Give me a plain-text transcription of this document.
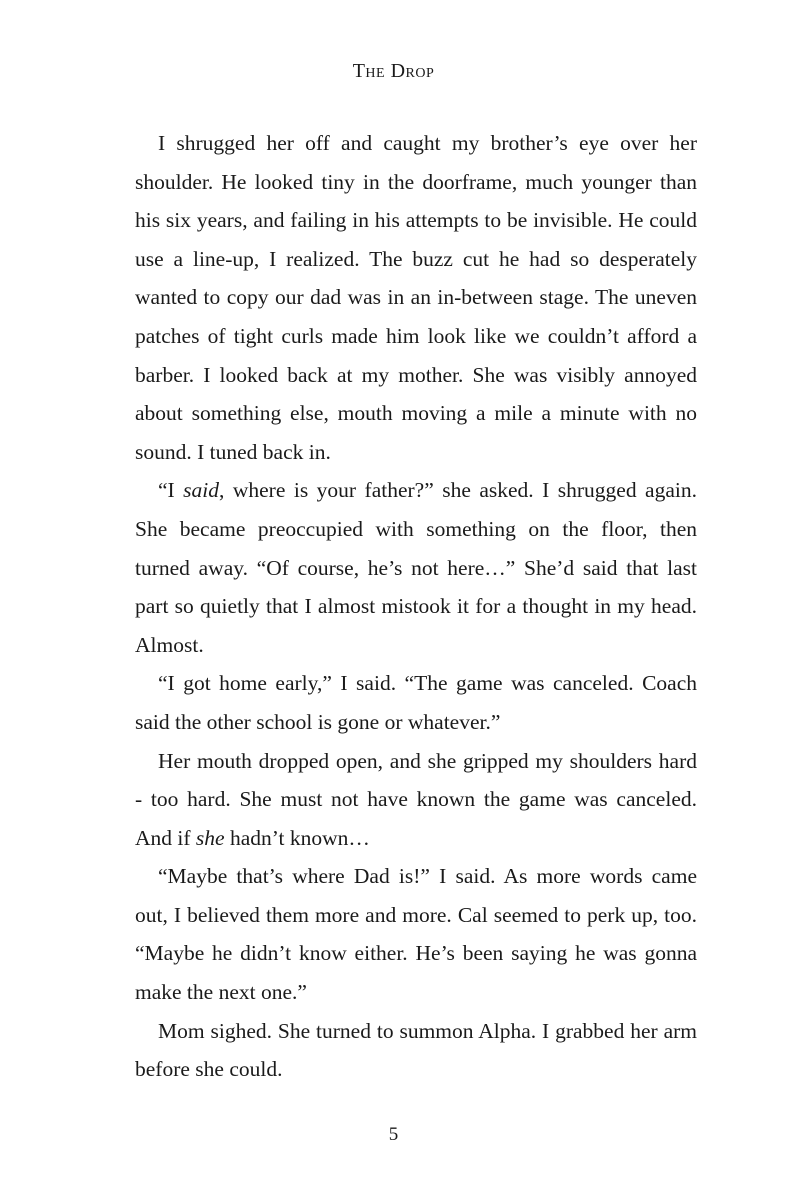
The Drop

I shrugged her off and caught my brother’s eye over her shoulder. He looked tiny in the doorframe, much younger than his six years, and failing in his attempts to be invisible. He could use a line-up, I realized. The buzz cut he had so desperately wanted to copy our dad was in an in-between stage. The uneven patches of tight curls made him look like we couldn’t afford a barber. I looked back at my mother. She was visibly annoyed about something else, mouth moving a mile a minute with no sound. I tuned back in.

“I said, where is your father?” she asked. I shrugged again. She became preoccupied with something on the floor, then turned away. “Of course, he’s not here…” She’d said that last part so quietly that I almost mistook it for a thought in my head. Almost.

“I got home early,” I said. “The game was canceled. Coach said the other school is gone or whatever.”

Her mouth dropped open, and she gripped my shoulders hard - too hard. She must not have known the game was canceled. And if she hadn’t known…

“Maybe that’s where Dad is!” I said. As more words came out, I believed them more and more. Cal seemed to perk up, too. “Maybe he didn’t know either. He’s been saying he was gonna make the next one.”

Mom sighed. She turned to summon Alpha. I grabbed her arm before she could.

5
